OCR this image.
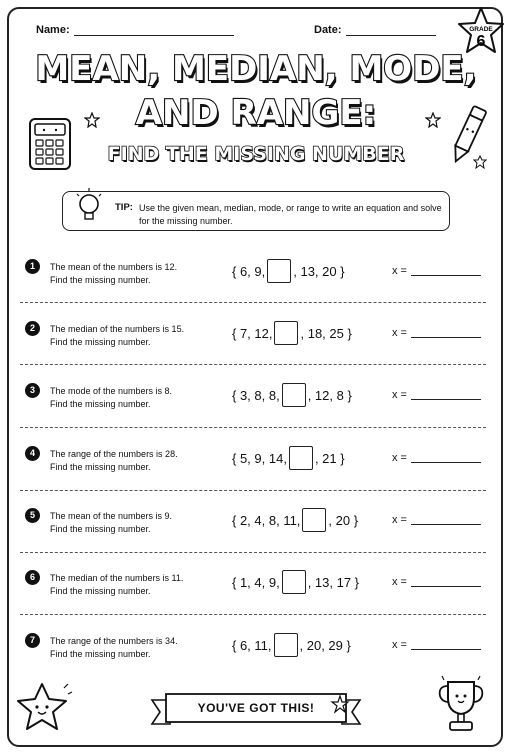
Name:	Date:	GRADE
6
MEAN, MEDIAN, MODE,
AND RANGE:
FIND THE MISSING NUMBER
TIP: Use the given mean, median, mode, or range to write an equation and solve for the missing number.
1	The mean of the numbers is 12.
Find the missing number.
{ 6, 9, , 13, 20 }	x =
2	The median of the numbers is 15.
Find the missing number.
{ 7, 12, , 18, 25 }	x =
3	The mode of the numbers is 8.
Find the missing number.
{ 3, 8, 8, , 12, 8 }	x =
4	The range of the numbers is 28.
Find the missing number.
{ 5, 9, 14, , 21 }	x =
5	The mean of the numbers is 9.
Find the missing number.
{ 2, 4, 8, 11, , 20 }	x =
6	The median of the numbers is 11.
Find the missing number.
{ 1, 4, 9, , 13, 17 }	x =
7	The range of the numbers is 34.
Find the missing number.
{ 6, 11, , 20, 29 }	x =
YOU'VE GOT THIS!
